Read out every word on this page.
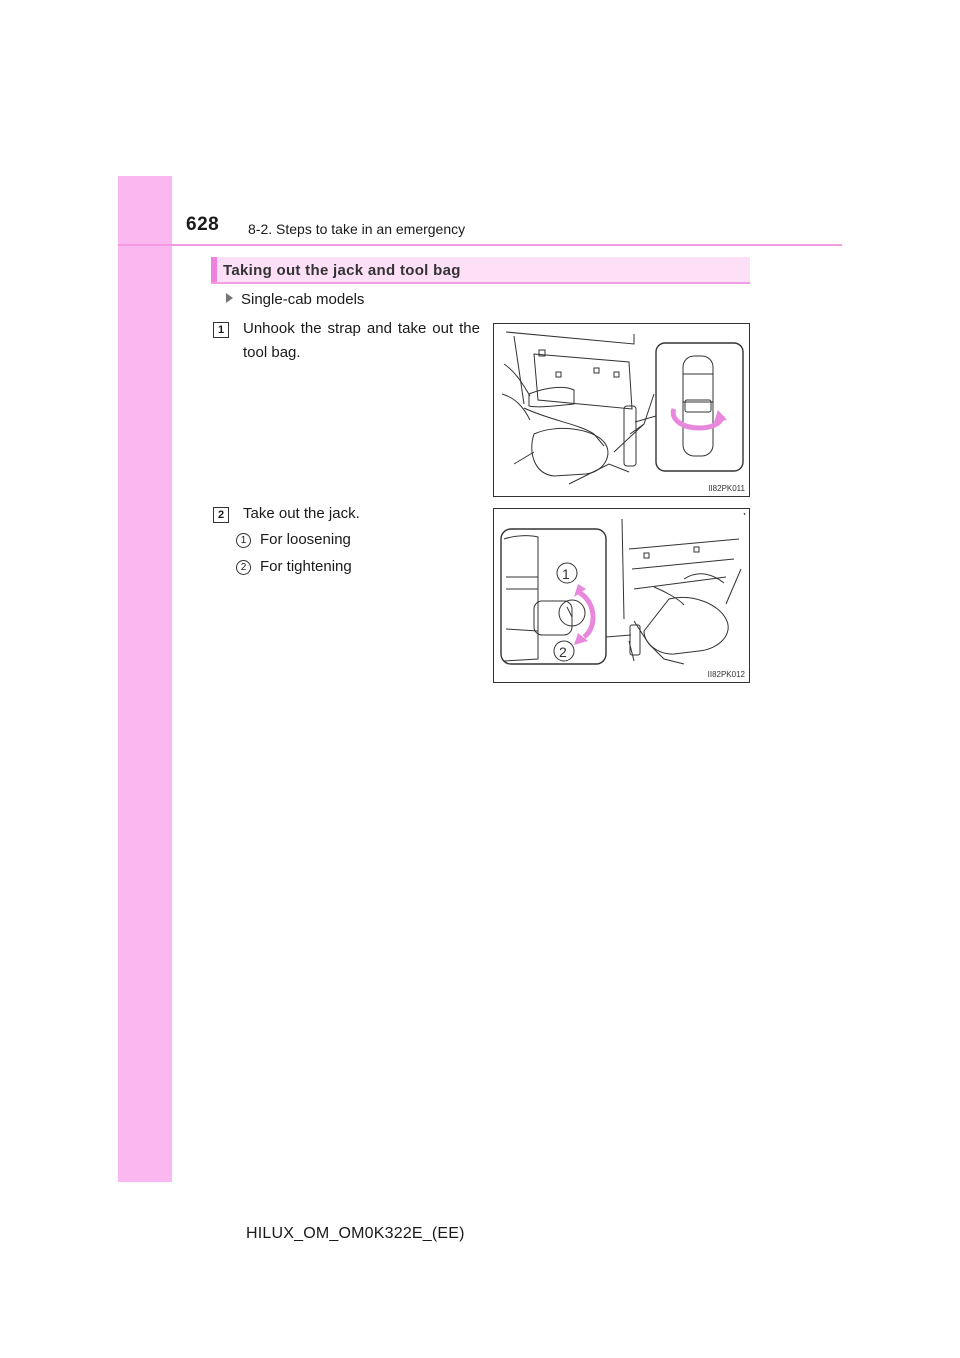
628 8-2. Steps to take in an emergency
Taking out the jack and tool bag
Single-cab models
1	Unhook the strap and take out the tool bag.
II82PK011
2	Take out the jack.
1 For loosening
2 For tightening	1
2
II82PK012
HILUX_OM_OM0K322E_(EE)
